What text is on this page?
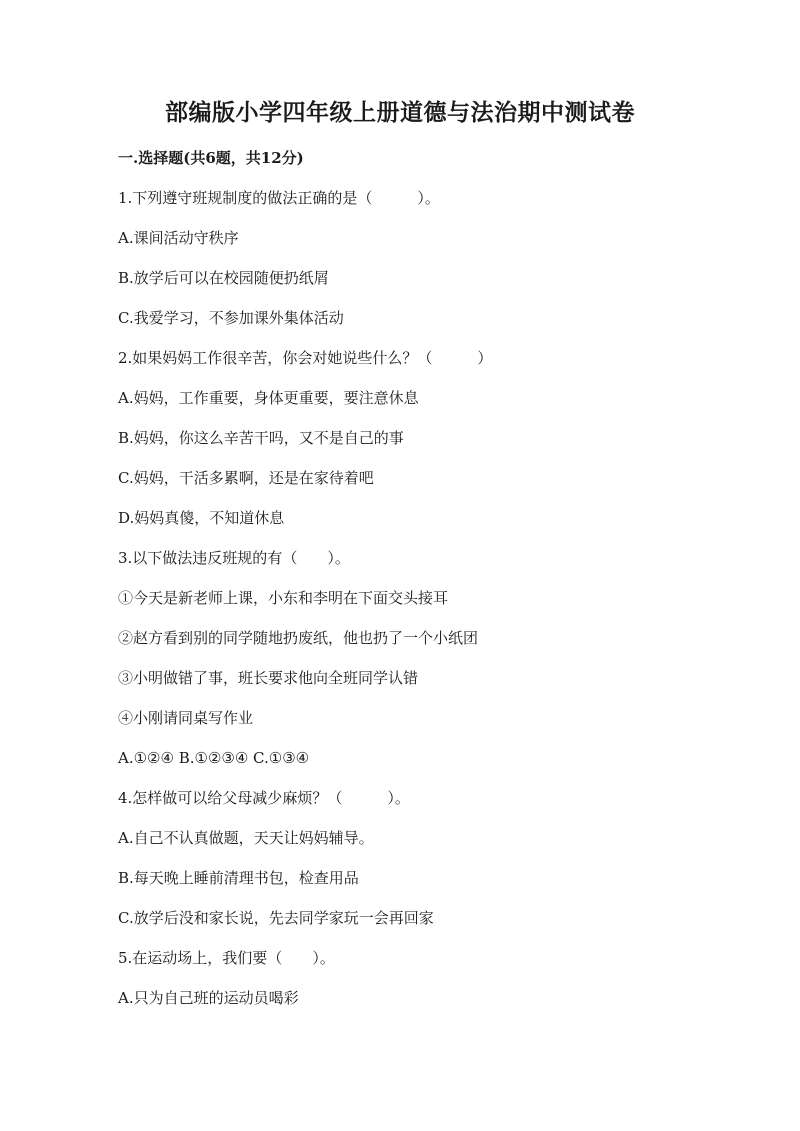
部编版小学四年级上册道德与法治期中测试卷
一.选择题(共6题，共12分)
1.下列遵守班规制度的做法正确的是（　　　）。
A.课间活动守秩序
B.放学后可以在校园随便扔纸屑
C.我爱学习，不参加课外集体活动
2.如果妈妈工作很辛苦，你会对她说些什么？（　　　）
A.妈妈，工作重要，身体更重要，要注意休息
B.妈妈，你这么辛苦干吗，又不是自己的事
C.妈妈，干活多累啊，还是在家待着吧
D.妈妈真傻，不知道休息
3.以下做法违反班规的有（　　）。
①今天是新老师上课，小东和李明在下面交头接耳
②赵方看到别的同学随地扔废纸，他也扔了一个小纸团
③小明做错了事，班长要求他向全班同学认错
④小刚请同桌写作业
A.①②④ B.①②③④ C.①③④
4.怎样做可以给父母减少麻烦？（　　　）。
A.自己不认真做题，天天让妈妈辅导。
B.每天晚上睡前清理书包，检查用品
C.放学后没和家长说，先去同学家玩一会再回家
5.在运动场上，我们要（　　）。
A.只为自己班的运动员喝彩
